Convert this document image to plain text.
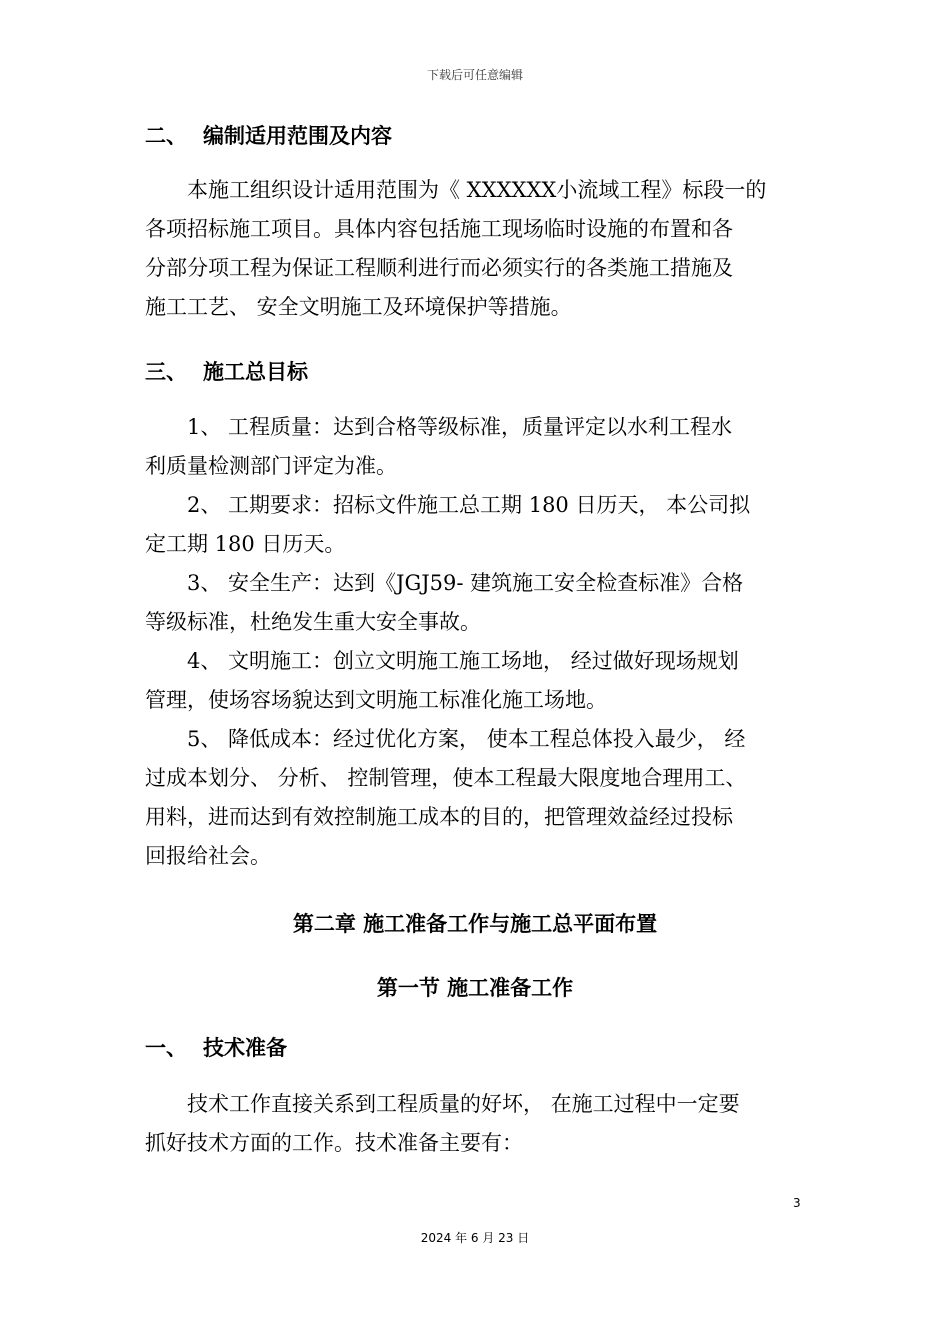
下载后可任意编辑
二、 编制适用范围及内容
本施工组织设计适用范围为《 XXXXXX小流域工程》标段一的
各项招标施工项目。具体内容包括施工现场临时设施的布置和各
分部分项工程为保证工程顺利进行而必须实行的各类施工措施及
施工工艺、 安全文明施工及环境保护等措施。
三、 施工总目标
1、 工程质量：达到合格等级标准，质量评定以水利工程水
利质量检测部门评定为准。
2、 工期要求：招标文件施工总工期 180 日历天， 本公司拟
定工期 180 日历天。
3、 安全生产：达到《JGJ59- 建筑施工安全检查标准》合格
等级标准，杜绝发生重大安全事故。
4、 文明施工：创立文明施工施工场地， 经过做好现场规划
管理，使场容场貌达到文明施工标准化施工场地。
5、 降低成本：经过优化方案， 使本工程总体投入最少， 经
过成本划分、 分析、 控制管理，使本工程最大限度地合理用工、
用料，进而达到有效控制施工成本的目的，把管理效益经过投标
回报给社会。
第二章 施工准备工作与施工总平面布置
第一节 施工准备工作
一、 技术准备
技术工作直接关系到工程质量的好坏， 在施工过程中一定要
抓好技术方面的工作。技术准备主要有：
3
2024 年 6 月 23 日
